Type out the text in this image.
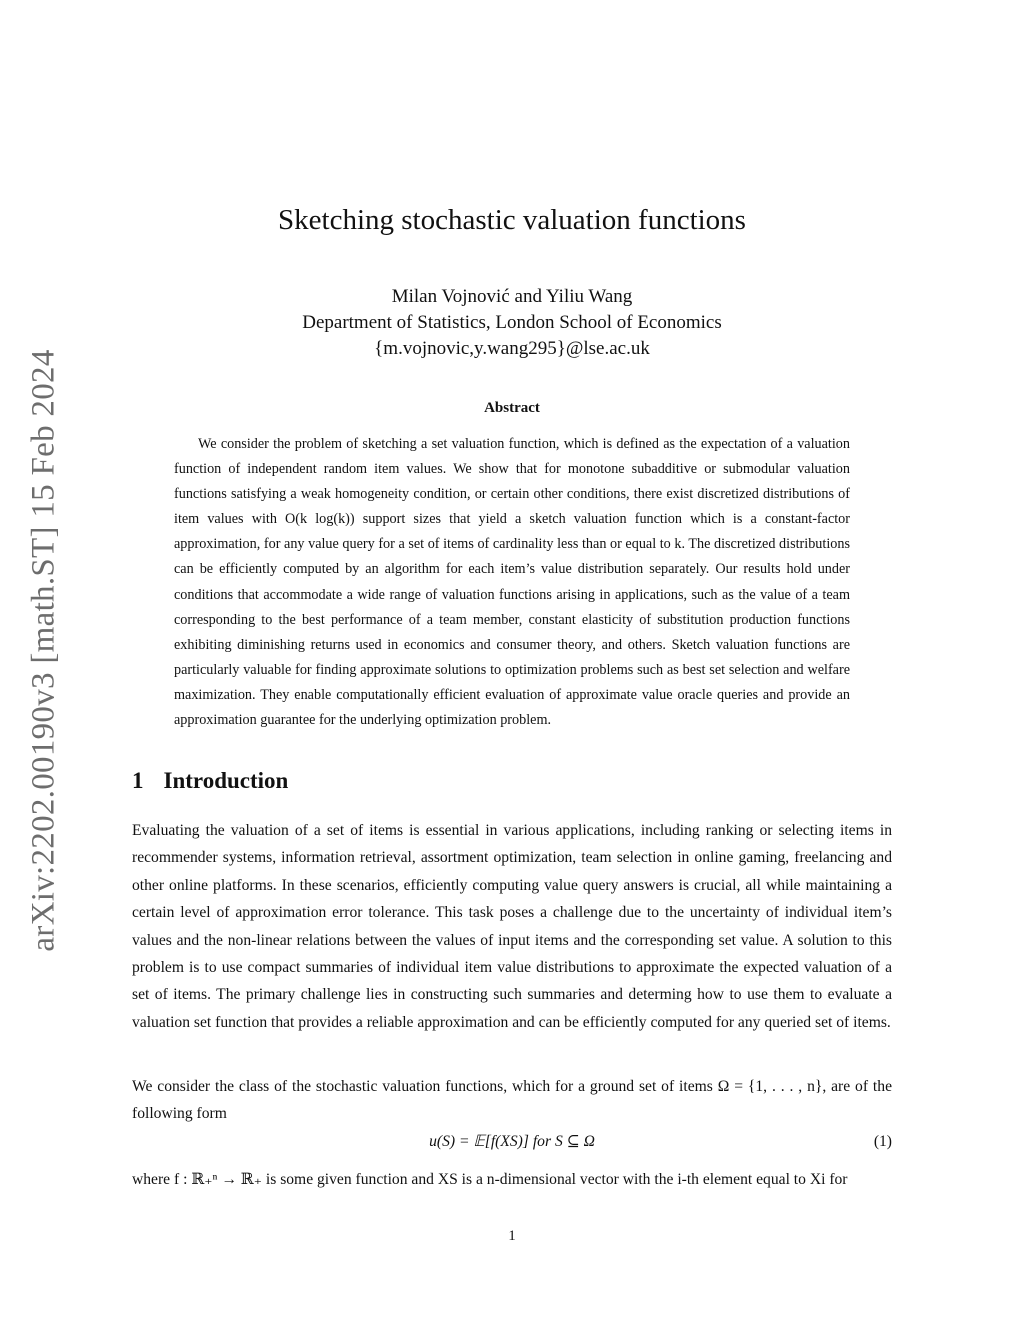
arXiv:2202.00190v3 [math.ST] 15 Feb 2024
Sketching stochastic valuation functions
Milan Vojnović and Yiliu Wang
Department of Statistics, London School of Economics
{m.vojnovic,y.wang295}@lse.ac.uk
Abstract

We consider the problem of sketching a set valuation function, which is defined as the expectation of a valuation function of independent random item values. We show that for monotone subadditive or submodular valuation functions satisfying a weak homogeneity condition, or certain other conditions, there exist discretized distributions of item values with O(k log(k)) support sizes that yield a sketch valuation function which is a constant-factor approximation, for any value query for a set of items of cardinality less than or equal to k. The discretized distributions can be efficiently computed by an algorithm for each item’s value distribution separately. Our results hold under conditions that accommodate a wide range of valuation functions arising in applications, such as the value of a team corresponding to the best performance of a team member, constant elasticity of substitution production functions exhibiting diminishing returns used in economics and consumer theory, and others. Sketch valuation functions are particularly valuable for finding approximate solutions to optimization problems such as best set selection and welfare maximization. They enable computationally efficient evaluation of approximate value oracle queries and provide an approximation guarantee for the underlying optimization problem.

1 Introduction

Evaluating the valuation of a set of items is essential in various applications, including ranking or selecting items in recommender systems, information retrieval, assortment optimization, team selection in online gaming, freelancing and other online platforms. In these scenarios, efficiently computing value query answers is crucial, all while maintaining a certain level of approximation error tolerance. This task poses a challenge due to the uncertainty of individual item’s values and the non-linear relations between the values of input items and the corresponding set value. A solution to this problem is to use compact summaries of individual item value distributions to approximate the expected valuation of a set of items. The primary challenge lies in constructing such summaries and determing how to use them to evaluate a valuation set function that provides a reliable approximation and can be efficiently computed for any queried set of items.

We consider the class of the stochastic valuation functions, which for a ground set of items Ω = {1, . . . , n}, are of the following form

u(S) = 𝔼[f(XS)] for S ⊆ Ω	(1)

where f : ℝ₊ⁿ → ℝ₊ is some given function and XS is a n-dimensional vector with the i-th element equal to Xi for

1
